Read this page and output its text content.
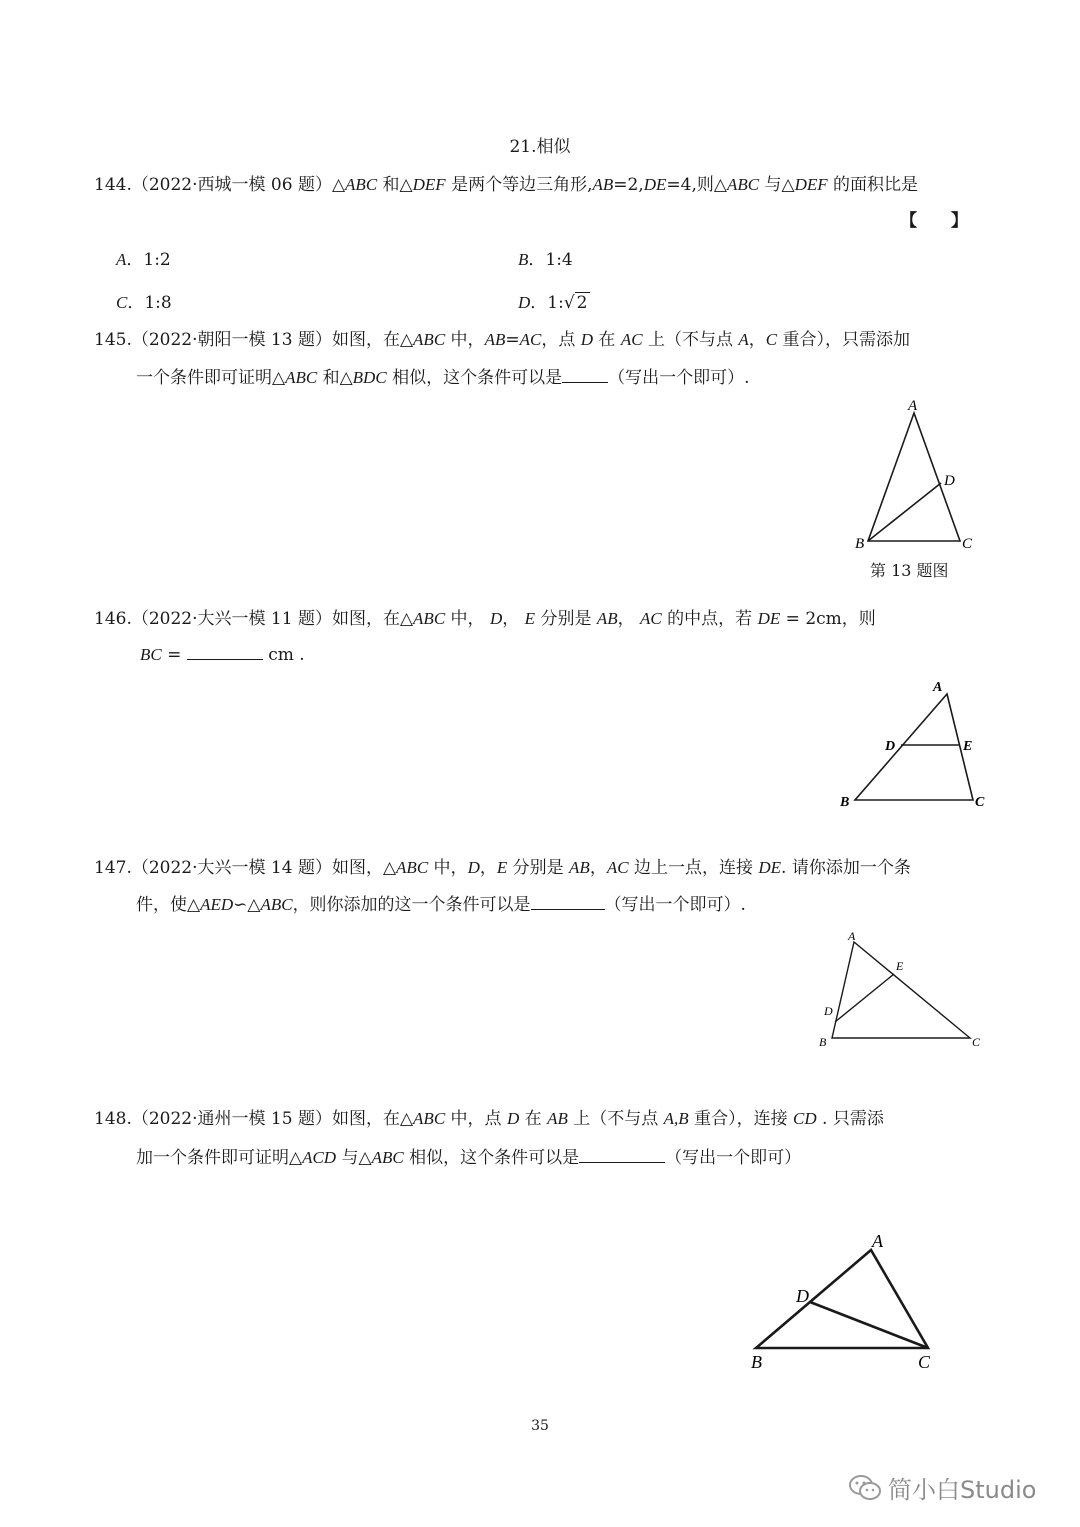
21.相似
144.（2022·西城一模 06 题）△ABC 和△DEF 是两个等边三角形,AB=2,DE=4,则△ABC 与△DEF 的面积比是
【　　】
A．1:2	B．1:4
C．1:8	D．1:√ 2
145.（2022·朝阳一模 13 题）如图，在△ABC 中，AB=AC，点 D 在 AC 上（不与点 A，C 重合），只需添加
一个条件即可证明△ABC 和△BDC 相似，这个条件可以是	（写出一个即可）.
A
D
B	C
第 13 题图
146.（2022·大兴一模 11 题）如图，在△ABC 中， D， E 分别是 AB， AC 的中点，若 DE = 2cm，则
BC =	cm .
A
D	E
B	C
147.（2022·大兴一模 14 题）如图，△ABC 中，D，E 分别是 AB，AC 边上一点，连接 DE. 请你添加一个条
件，使△AED∽△ABC，则你添加的这一个条件可以是	（写出一个即可）.
A
E
D
B	C
148.（2022·通州一模 15 题）如图，在△ABC 中，点 D 在 AB 上（不与点 A,B 重合），连接 CD . 只需添
加一个条件即可证明△ACD 与△ABC 相似，这个条件可以是	（写出一个即可）
A
D
B	C
35
简小白Studio
